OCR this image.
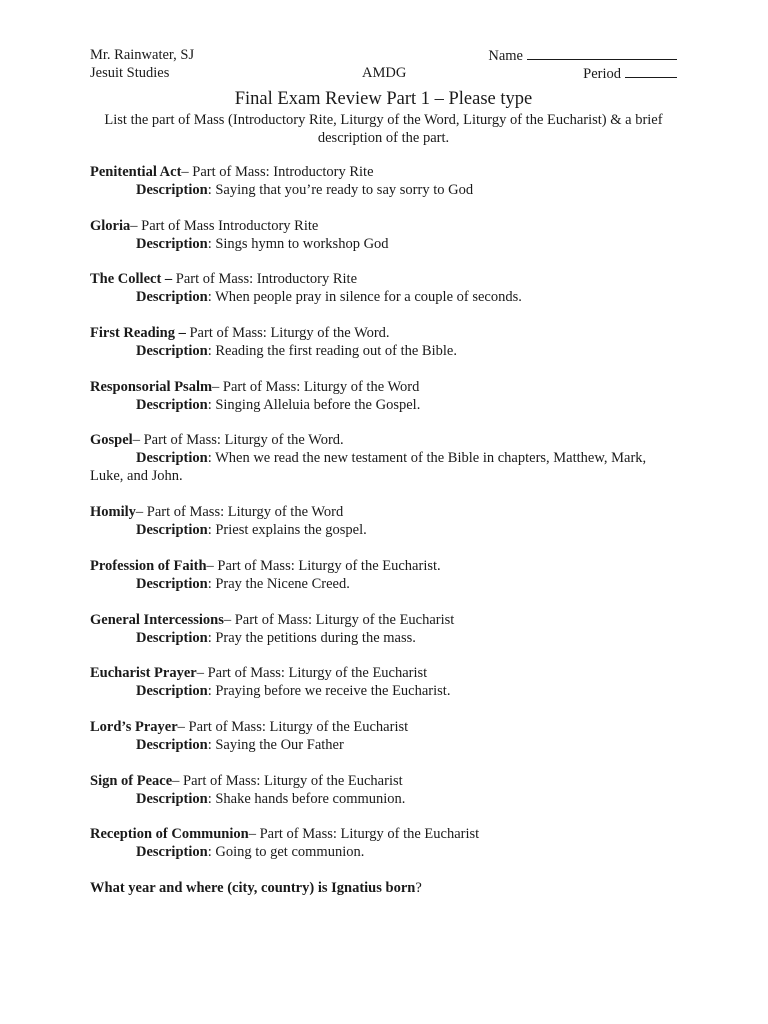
Mr. Rainwater, SJ	Name
Jesuit Studies	AMDG	Period
Final Exam Review Part 1 – Please type
List the part of Mass (Introductory Rite, Liturgy of the Word, Liturgy of the Eucharist) & a brief description of the part.
Penitential Act– Part of Mass: Introductory Rite
Description: Saying that you’re ready to say sorry to God
Gloria– Part of Mass Introductory Rite
Description: Sings hymn to workshop God
The Collect – Part of Mass: Introductory Rite
Description: When people pray in silence for a couple of seconds.
First Reading – Part of Mass: Liturgy of the Word.
Description: Reading the first reading out of the Bible.
Responsorial Psalm– Part of Mass: Liturgy of the Word
Description: Singing Alleluia before the Gospel.
Gospel– Part of Mass: Liturgy of the Word.
Description: When we read the new testament of the Bible in chapters, Matthew, Mark, Luke, and John.
Homily– Part of Mass: Liturgy of the Word
Description: Priest explains the gospel.
Profession of Faith– Part of Mass: Liturgy of the Eucharist.
Description: Pray the Nicene Creed.
General Intercessions– Part of Mass: Liturgy of the Eucharist
Description: Pray the petitions during the mass.
Eucharist Prayer– Part of Mass: Liturgy of the Eucharist
Description: Praying before we receive the Eucharist.
Lord’s Prayer– Part of Mass: Liturgy of the Eucharist
Description: Saying the Our Father
Sign of Peace– Part of Mass: Liturgy of the Eucharist
Description: Shake hands before communion.
Reception of Communion– Part of Mass: Liturgy of the Eucharist
Description: Going to get communion.
What year and where (city, country) is Ignatius born?
